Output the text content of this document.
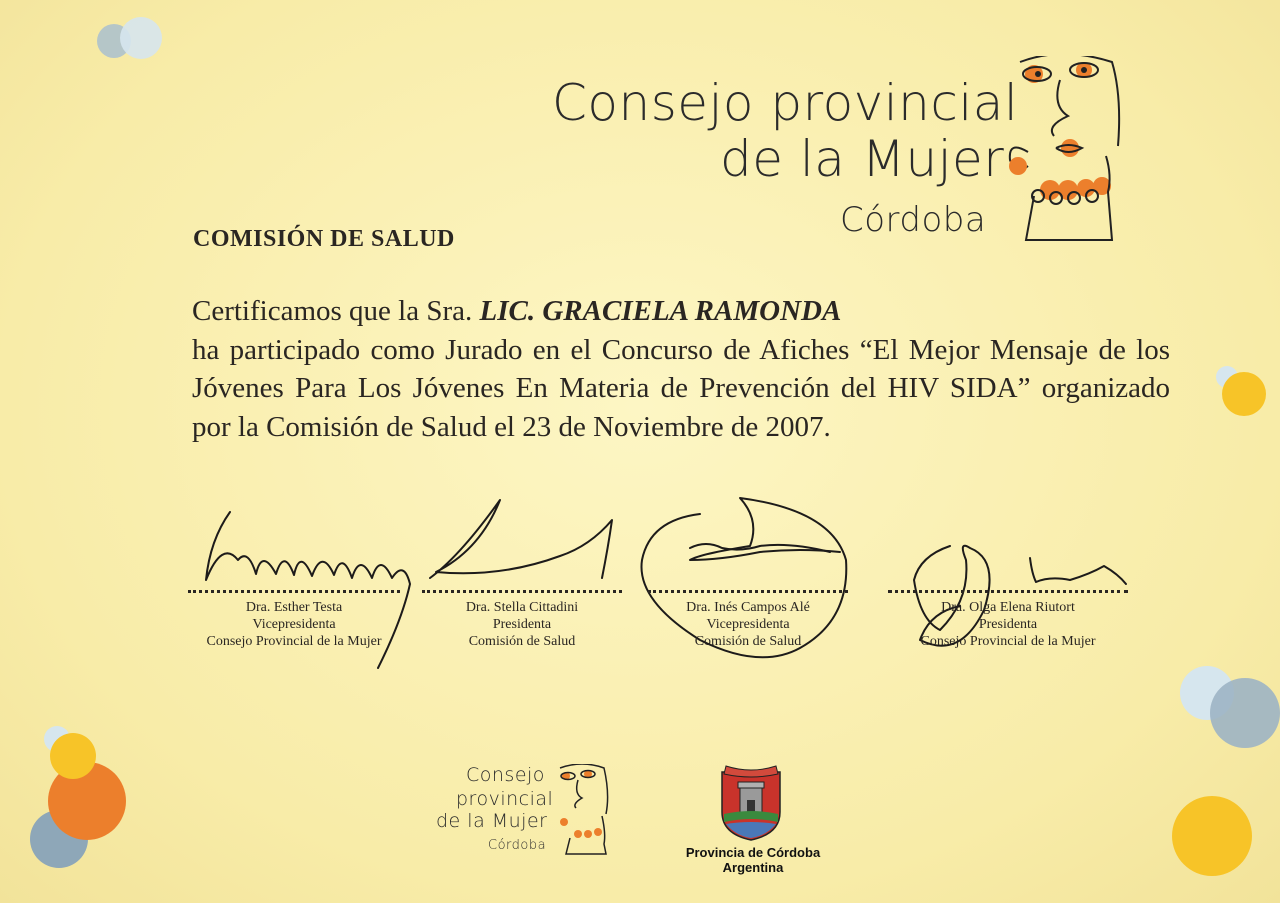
Consejo provincial
de la Mujer
Córdoba
COMISIÓN DE SALUD
Certificamos que la Sra. LIC. GRACIELA RAMONDA
ha participado como Jurado en el Concurso de Afiches “El Mejor Mensaje de los Jóvenes Para Los Jóvenes En Materia de Prevención del HIV SIDA” organizado por la Comisión de Salud el 23 de Noviembre de 2007.
Dra. Esther Testa
Vicepresidenta
Consejo Provincial de la Mujer
Dra. Stella Cittadini
Presidenta
Comisión de Salud
Dra. Inés Campos Alé
Vicepresidenta
Comisión de Salud
Dra. Olga Elena Riutort
Presidenta
Consejo Provincial de la Mujer
Consejo
provincial
de la Mujer
Córdoba	Provincia de Córdoba
Argentina
